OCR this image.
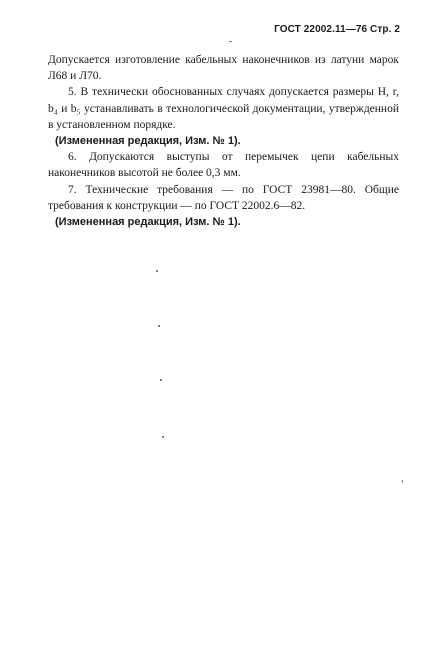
ГОСТ 22002.11—76 Стр. 2

Допускается изготовление кабельных наконечников из латуни марок Л68 и Л70.

5. В технически обоснованных случаях допускается размеры H, r, b₄ и b₅ устанавливать в технологической документации, утвержденной в установленном порядке.

(Измененная редакция, Изм. № 1).

6. Допускаются выступы от перемычек цепи кабельных наконечников высотой не более 0,3 мм.

7. Технические требования — по ГОСТ 23981—80. Общие требования к конструкции — по ГОСТ 22002.6—82.

(Измененная редакция, Изм. № 1).
